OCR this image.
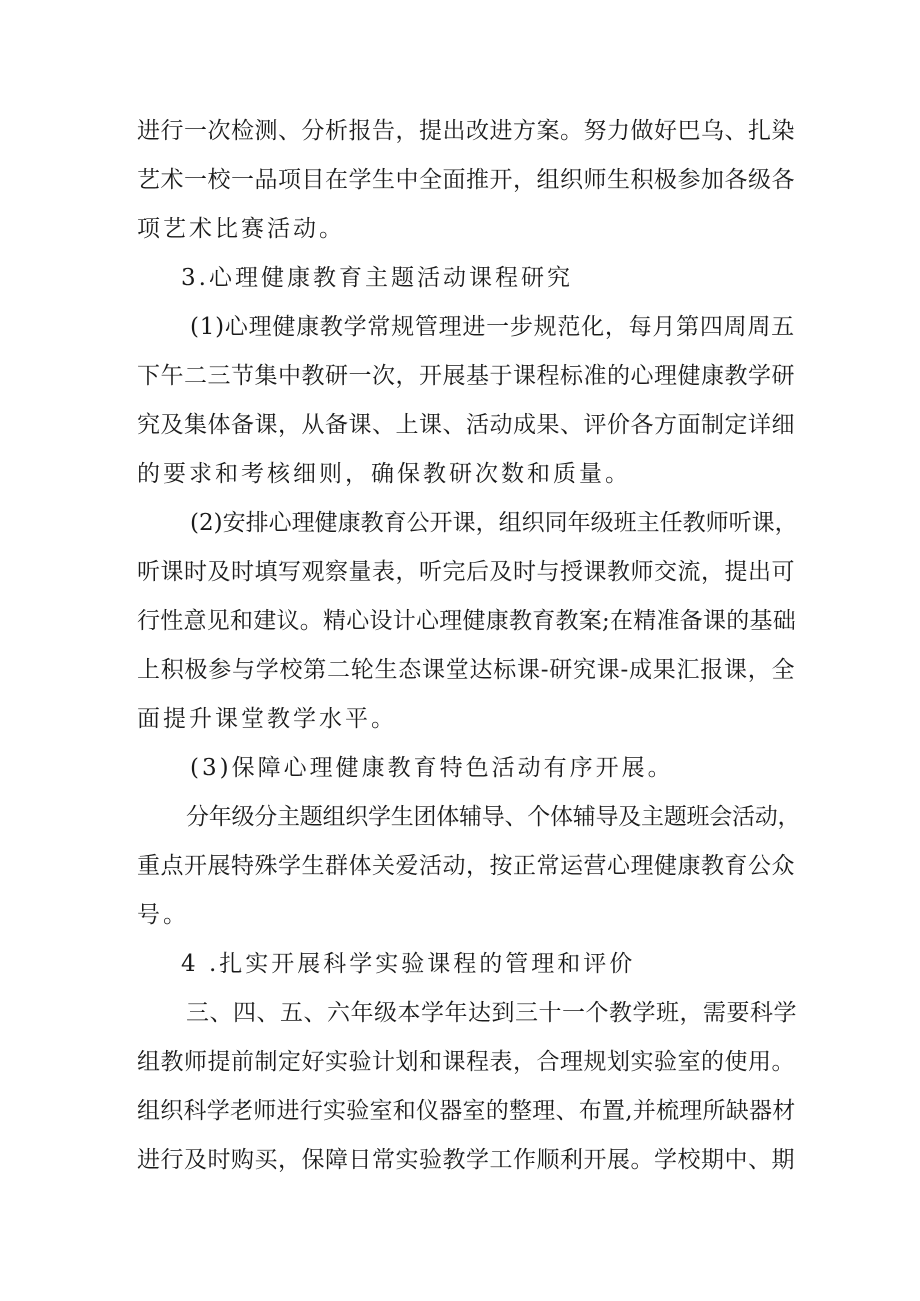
进行一次检测、分析报告，提出改进方案。努力做好巴乌、扎染
艺术一校一品项目在学生中全面推开，组织师生积极参加各级各
项艺术比赛活动。
3.心理健康教育主题活动课程研究
(1)心理健康教学常规管理进一步规范化，每月第四周周五
下午二三节集中教研一次，开展基于课程标准的心理健康教学研
究及集体备课，从备课、上课、活动成果、评价各方面制定详细
的要求和考核细则，确保教研次数和质量。
(2)安排心理健康教育公开课，组织同年级班主任教师听课，
听课时及时填写观察量表，听完后及时与授课教师交流，提出可
行性意见和建议。精心设计心理健康教育教案;在精准备课的基础
上积极参与学校第二轮生态课堂达标课-研究课-成果汇报课，全
面提升课堂教学水平。
(3)保障心理健康教育特色活动有序开展。
分年级分主题组织学生团体辅导、个体辅导及主题班会活动，
重点开展特殊学生群体关爱活动，按正常运营心理健康教育公众
号。
4 .扎实开展科学实验课程的管理和评价
三、四、五、六年级本学年达到三十一个教学班，需要科学
组教师提前制定好实验计划和课程表，合理规划实验室的使用。
组织科学老师进行实验室和仪器室的整理、布置,并梳理所缺器材
进行及时购买，保障日常实验教学工作顺利开展。学校期中、期
